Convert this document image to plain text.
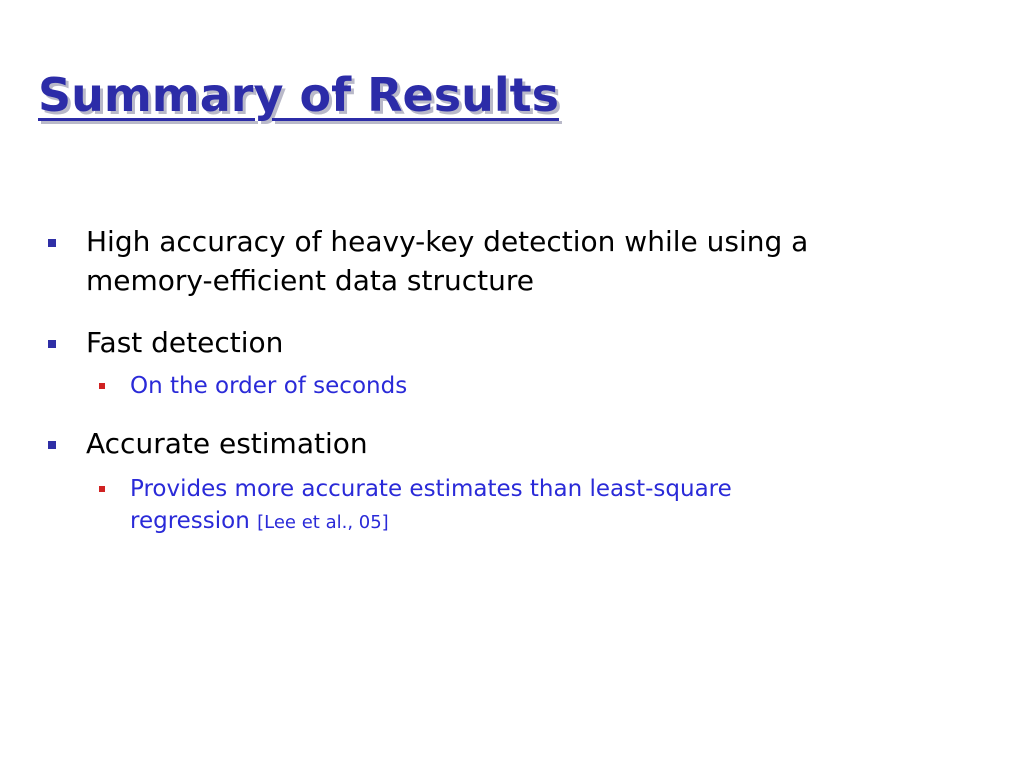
Summary of Results
High accuracy of heavy-key detection while using a memory-efficient data structure
Fast detection
On the order of seconds
Accurate estimation
Provides more accurate estimates than least-square regression [Lee et al., 05]
